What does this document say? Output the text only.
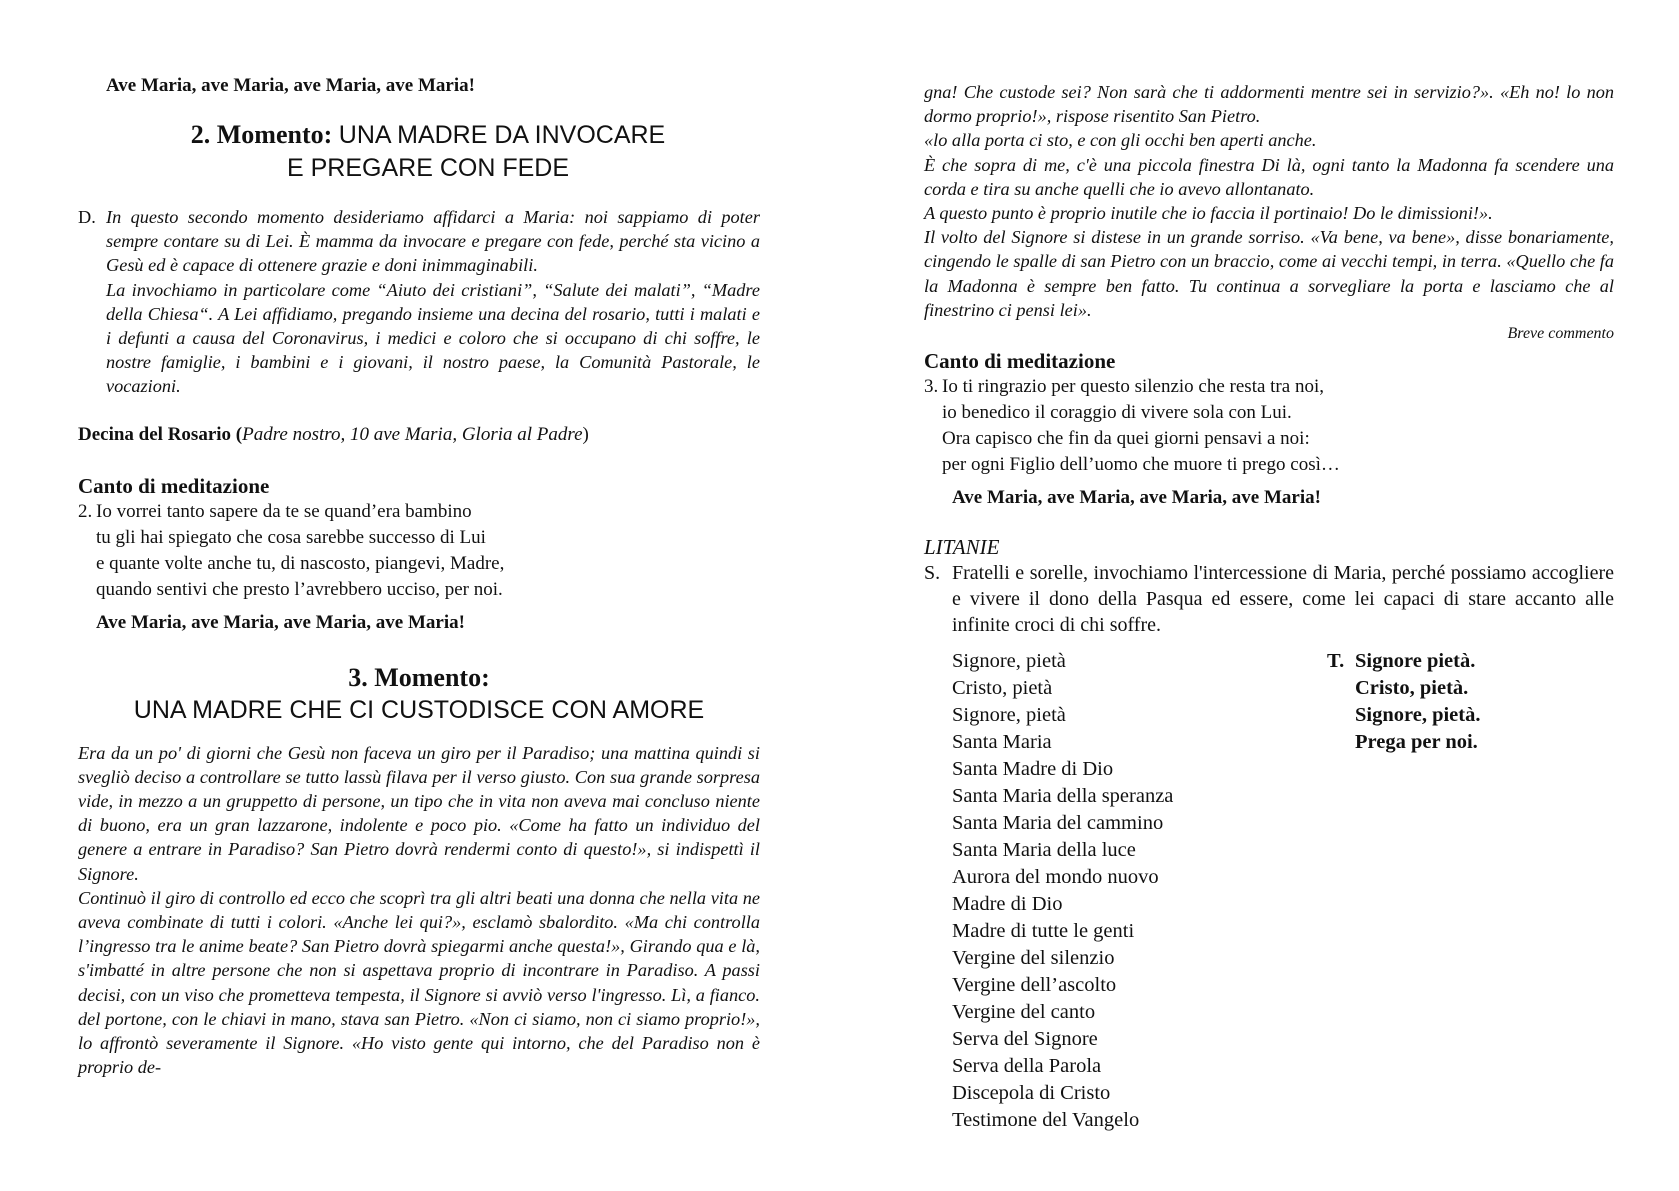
Ave Maria, ave Maria, ave Maria, ave Maria!

2. Momento: UNA MADRE DA INVOCARE
E PREGARE CON FEDE
D. In questo secondo momento desideriamo affidarci a Maria: noi sappiamo di poter sempre contare su di Lei. È mamma da invocare e pregare con fede, perché sta vicino a Gesù ed è capace di ottenere grazie e doni inimmaginabili.
La invochiamo in particolare come “Aiuto dei cristiani”, “Salute dei malati”, “Madre della Chiesa“. A Lei affidiamo, pregando insieme una decina del rosario, tutti i malati e i defunti a causa del Coronavirus, i medici e coloro che si occupano di chi soffre, le nostre famiglie, i bambini e i giovani, il nostro paese, la Comunità Pastorale, le vocazioni.

Decina del Rosario (Padre nostro, 10 ave Maria, Gloria al Padre)

Canto di meditazione

2. Io vorrei tanto sapere da te se quand’era bambino
tu gli hai spiegato che cosa sarebbe successo di Lui
e quante volte anche tu, di nascosto, piangevi, Madre,
quando sentivi che presto l’avrebbero ucciso, per noi.

Ave Maria, ave Maria, ave Maria, ave Maria!

3. Momento:
UNA MADRE CHE CI CUSTODISCE CON AMORE
Era da un po' di giorni che Gesù non faceva un giro per il Paradiso; una mattina quindi si svegliò deciso a controllare se tutto lassù filava per il verso giusto. Con sua grande sorpresa vide, in mezzo a un gruppetto di persone, un tipo che in vita non aveva mai concluso niente di buono, era un gran lazzarone, indolente e poco pio. «Come ha fatto un individuo del genere a entrare in Paradiso? San Pietro dovrà rendermi conto di questo!», si indispettì il Signore.
Continuò il giro di controllo ed ecco che scoprì tra gli altri beati una donna che nella vita ne aveva combinate di tutti i colori. «Anche lei qui?», esclamò sbalordito. «Ma chi controlla l’ingresso tra le anime beate? San Pietro dovrà spiegarmi anche questa!», Girando qua e là, s'imbatté in altre persone che non si aspettava proprio di incontrare in Paradiso. A passi decisi, con un viso che prometteva tempesta, il Signore si avviò verso l'ingresso. Lì, a fianco. del portone, con le chiavi in mano, stava san Pietro. «Non ci siamo, non ci siamo proprio!», lo affrontò severamente il Signore. «Ho visto gente qui intorno, che del Paradiso non è proprio de-
gna! Che custode sei? Non sarà che ti addormenti mentre sei in servizio?». «Eh no! lo non dormo proprio!», rispose risentito San Pietro.
«lo alla porta ci sto, e con gli occhi ben aperti anche.
È che sopra di me, c'è una piccola finestra Di là, ogni tanto la Madonna fa scendere una corda e tira su anche quelli che io avevo allontanato.
A questo punto è proprio inutile che io faccia il portinaio! Do le dimissioni!».
Il volto del Signore si distese in un grande sorriso. «Va bene, va bene», disse bonariamente, cingendo le spalle di san Pietro con un braccio, come ai vecchi tempi, in terra. «Quello che fa la Madonna è sempre ben fatto. Tu continua a sorvegliare la porta e lasciamo che al finestrino ci pensi lei».

Breve commento

Canto di meditazione

3. Io ti ringrazio per questo silenzio che resta tra noi,
io benedico il coraggio di vivere sola con Lui.
Ora capisco che fin da quei giorni pensavi a noi:
per ogni Figlio dell’uomo che muore ti prego così…

Ave Maria, ave Maria, ave Maria, ave Maria!

LITANIE

S. Fratelli e sorelle, invochiamo l'intercessione di Maria, perché possiamo accogliere e vivere il dono della Pasqua ed essere, come lei capaci di stare accanto alle infinite croci di chi soffre.
Signore, pietà
Cristo, pietà
Signore, pietà
Santa Maria
Santa Madre di Dio
Santa Maria della speranza
Santa Maria del cammino
Santa Maria della luce
Aurora del mondo nuovo
Madre di Dio
Madre di tutte le genti
Vergine del silenzio
Vergine dell’ascolto
Vergine del canto
Serva del Signore
Serva della Parola
Discepola di Cristo
Testimone del Vangelo
T. Signore pietà.
Cristo, pietà.
Signore, pietà.
Prega per noi.
